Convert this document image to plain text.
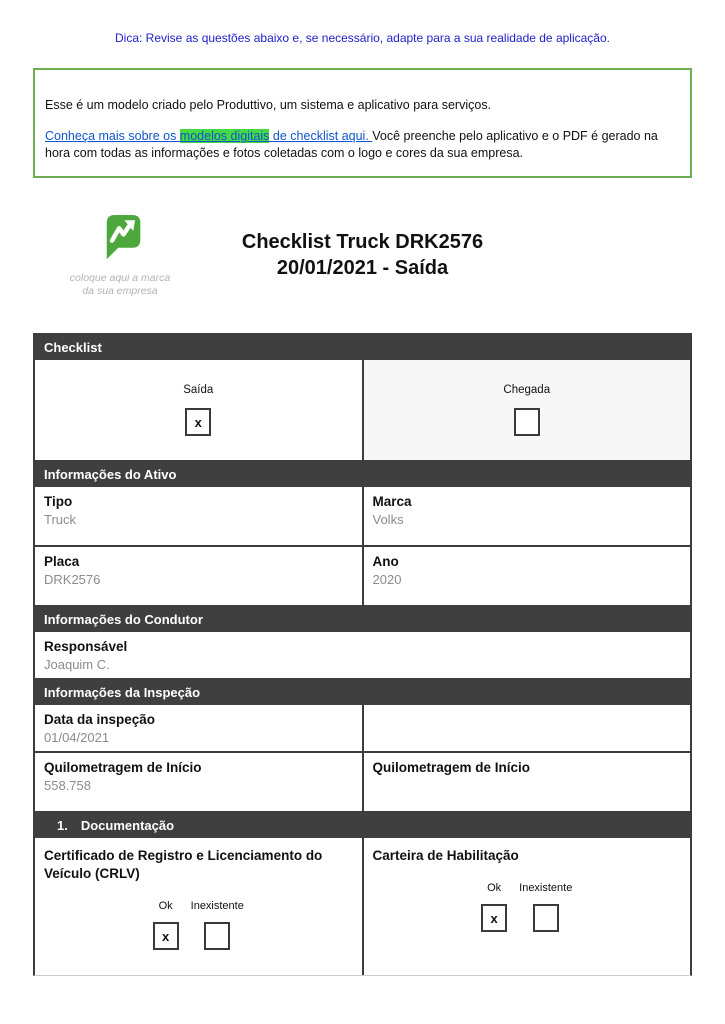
Dica: Revise as questões abaixo e, se necessário, adapte para a sua realidade de aplicação.
Esse é um modelo criado pelo Produttivo, um sistema e aplicativo para serviços.
Conheça mais sobre os modelos digitais de checklist aqui. Você preenche pelo aplicativo e o PDF é gerado na hora com todas as informações e fotos coletadas com o logo e cores da sua empresa.
coloque aqui a marca
da sua empresa
Checklist Truck DRK2576
20/01/2021 - Saída
Checklist
Saída
x
Chegada
Informações do Ativo
Tipo
Truck
Marca
Volks
Placa
DRK2576
Ano
2020
Informações do Condutor
Responsável
Joaquim C.
Informações da Inspeção
Data da inspeção
01/04/2021
Quilometragem de Início
558.758
Quilometragem de Início
1. Documentação
Certificado de Registro e Licenciamento do Veículo (CRLV)
Ok
x
Inexistente
Carteira de Habilitação
Ok
x
Inexistente
